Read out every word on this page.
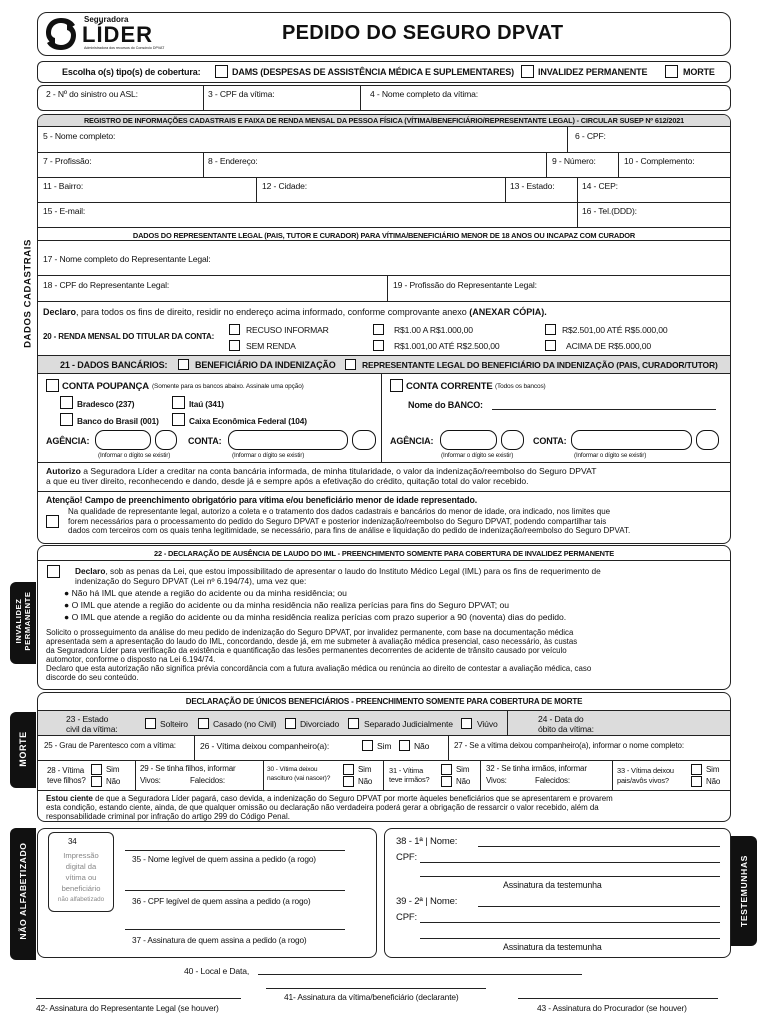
Seguradora
LÍDER
Administradora dos recursos do Consórcio DPVAT
PEDIDO DO SEGURO DPVAT
Escolha o(s) tipo(s) de cobertura:	DAMS (DESPESAS DE ASSISTÊNCIA MÉDICA E SUPLEMENTARES)	INVALIDEZ PERMANENTE	MORTE
2 - Nº do sinistro ou ASL:	3 - CPF da vítima:	4 - Nome completo da vítima:
DADOS CADASTRAIS
REGISTRO DE INFORMAÇÕES CADASTRAIS E FAIXA DE RENDA MENSAL DA PESSOA FÍSICA (VÍTIMA/BENEFICIÁRIO/REPRESENTANTE LEGAL) - CIRCULAR SUSEP Nº 612/2021
5 - Nome completo:	6 - CPF:
7 - Profissão:	8 - Endereço:	9 - Número:	10 - Complemento:
11 - Bairro:	12 - Cidade:	13 - Estado:	14 - CEP:
15 - E-mail:	16 - Tel.(DDD):
DADOS DO REPRESENTANTE LEGAL (PAIS, TUTOR E CURADOR) PARA VÍTIMA/BENEFICIÁRIO MENOR DE 18 ANOS OU INCAPAZ COM CURADOR
17 - Nome completo do Representante Legal:
18 - CPF do Representante Legal:	19 - Profissão do Representante Legal:
Declaro, para todos os fins de direito, residir no endereço acima informado, conforme comprovante anexo (ANEXAR CÓPIA).
20 - RENDA MENSAL DO TITULAR DA CONTA:
RECUSO INFORMAR
SEM RENDA
R$1.00 A R$1.000,00
R$1.001,00 ATÉ R$2.500,00
R$2.501,00 ATÉ R$5.000,00
ACIMA DE R$5.000,00
21 - DADOS BANCÁRIOS:	BENEFICIÁRIO DA INDENIZAÇÃO	REPRESENTANTE LEGAL DO BENEFICIÁRIO DA INDENIZAÇÃO (PAIS, CURADOR/TUTOR)
CONTA POUPANÇA (Somente para os bancos abaixo. Assinale uma opção)
Bradesco (237)	Itaú (341)
Banco do Brasil (001)	Caixa Econômica Federal (104)
CONTA CORRENTE (Todos os bancos)
Nome do BANCO:
AGÊNCIA:
(Informar o dígito se existir)
CONTA:
(Informar o dígito se existir)
AGÊNCIA:
(Informar o dígito se existir)
CONTA:
(Informar o dígito se existir)
Autorizo a Seguradora Líder a creditar na conta bancária informada, de minha titularidade, o valor da indenização/reembolso do Seguro DPVAT
a que eu tiver direito, reconhecendo e dando, desde já e sempre após a efetivação do crédito, quitação total do valor recebido.
Atenção! Campo de preenchimento obrigatório para vítima e/ou beneficiário menor de idade representado.
Na qualidade de representante legal, autorizo a coleta e o tratamento dos dados cadastrais e bancários do menor de idade, ora indicado, nos limites que
forem necessários para o processamento do pedido do Seguro DPVAT e posterior indenização/reembolso do Seguro DPVAT, podendo compartilhar tais
dados com terceiros com os quais tenha legitimidade, se necessário, para fins de análise e liquidação do pedido de indenização/reembolso do Seguro DPVAT.
INVALIDEZ PERMANENTE
22 - DECLARAÇÃO DE AUSÊNCIA DE LAUDO DO IML - PREENCHIMENTO SOMENTE PARA COBERTURA DE INVALIDEZ PERMANENTE
Declaro, sob as penas da Lei, que estou impossibilitado de apresentar o laudo do Instituto Médico Legal (IML) para os fins de requerimento de
indenização do Seguro DPVAT (Lei nº 6.194/74), uma vez que:
● Não há IML que atende a região do acidente ou da minha residência; ou
● O IML que atende a região do acidente ou da minha residência não realiza perícias para fins do Seguro DPVAT; ou
● O IML que atende a região do acidente ou da minha residência realiza perícias com prazo superior a 90 (noventa) dias do pedido.
Solicito o prosseguimento da análise do meu pedido de indenização do Seguro DPVAT, por invalidez permanente, com base na documentação médica
apresentada sem a apresentação do laudo do IML, concordando, desde já, em me submeter à avaliação médica presencial, caso necessário, às custas
da Seguradora Líder para verificação da existência e quantificação das lesões permanentes decorrentes de acidente de trânsito causado por veículo
automotor, conforme o disposto na Lei 6.194/74.
Declaro que esta autorização não significa prévia concordância com a futura avaliação médica ou renúncia ao direito de contestar a avaliação médica, caso
discorde do seu conteúdo.
MORTE
DECLARAÇÃO DE ÚNICOS BENEFICIÁRIOS - PREENCHIMENTO SOMENTE PARA COBERTURA DE MORTE
23 - Estado
civil da vítima:	Solteiro	Casado (no Civil)	Divorciado	Separado Judicialmente	Viúvo	24 - Data do
óbito da vítima:
25 - Grau de Parentesco com a vítima:	26 - Vítima deixou companheiro(a):	Sim	Não	27 - Se a vítima deixou companheiro(a), informar o nome completo:
28 - Vítima
teve filhos?
Sim
Não
29 - Se tinha filhos, informar
Vivos:	Falecidos:
30 - Vítima deixou
nascituro (vai nascer)?
Sim
Não
31 - Vítima
teve irmãos?
Sim
Não
32 - Se tinha irmãos, informar
Vivos:	Falecidos:
33 - Vítima deixou
pais/avôs vivos?
Sim
Não
Estou ciente de que a Seguradora Líder pagará, caso devida, a indenização do Seguro DPVAT por morte àqueles beneficiários que se apresentarem e provarem
esta condição, estando ciente, ainda, de que qualquer omissão ou declaração não verdadeira poderá gerar a obrigação de ressarcir o valor recebido, além da
responsabilidade criminal por infração do artigo 299 do Código Penal.
NÃO ALFABETIZADO
34
Impressão
digital da
vítima ou
beneficiário
não alfabetizado
35 - Nome legível de quem assina a pedido (a rogo)
36 - CPF legível de quem assina a pedido (a rogo)
37 - Assinatura de quem assina a pedido (a rogo)
TESTEMUNHAS
38 - 1ª | Nome:
CPF:
Assinatura da testemunha
39 - 2ª | Nome:
CPF:
Assinatura da testemunha
40 - Local e Data,
41- Assinatura da vítima/beneficiário (declarante)
42- Assinatura do Representante Legal (se houver)	43 - Assinatura do Procurador (se houver)
